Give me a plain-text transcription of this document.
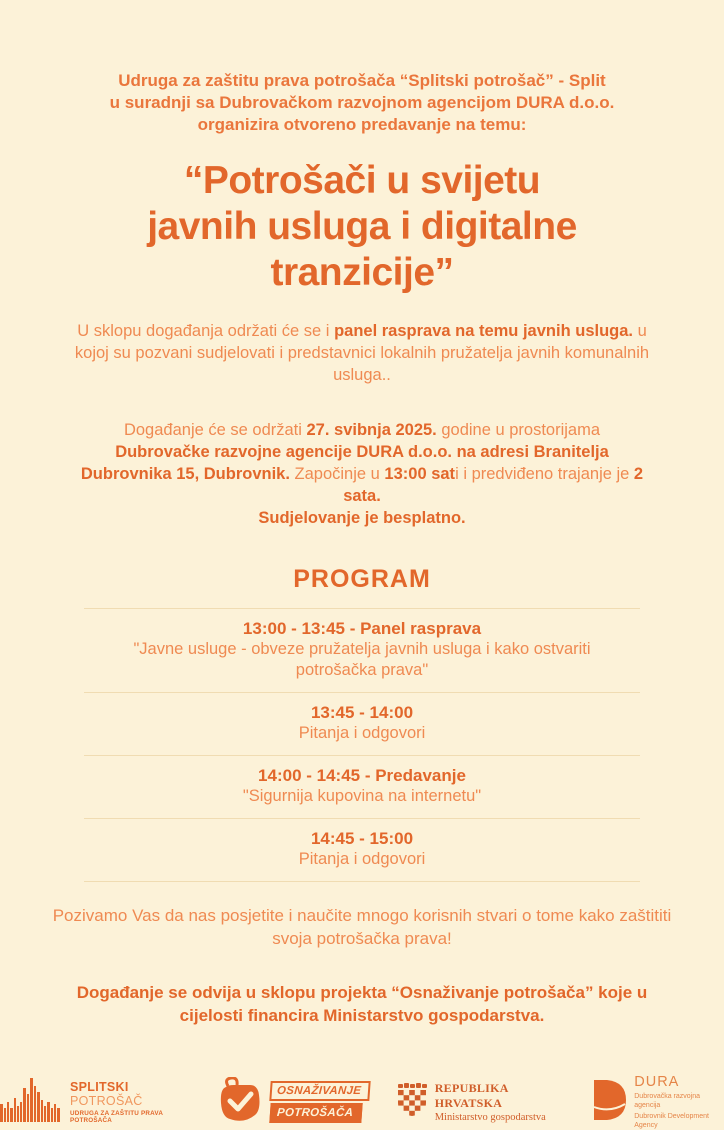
Udruga za zaštitu prava potrošača “Splitski potrošač” - Split
u suradnji sa Dubrovačkom razvojnom agencijom DURA d.o.o.
organizira otvoreno predavanje na temu:
“Potrošači u svijetu
javnih usluga i digitalne
tranzicije”

U sklopu događanja održati će se i panel rasprava na temu javnih usluga. u kojoj su pozvani sudjelovati i predstavnici lokalnih pružatelja javnih komunalnih usluga..

Događanje će se održati 27. svibnja 2025. godine u prostorijama Dubrovačke razvojne agencije DURA d.o.o. na adresi Branitelja Dubrovnika 15, Dubrovnik. Započinje u 13:00 sati i predviđeno trajanje je 2 sata.
Sudjelovanje je besplatno.

PROGRAM
13:00 - 13:45 - Panel rasprava
"Javne usluge - obveze pružatelja javnih usluga i kako ostvariti potrošačka prava"
13:45 - 14:00
Pitanja i odgovori
14:00 - 14:45 - Predavanje
"Sigurnija kupovina na internetu"
14:45 - 15:00
Pitanja i odgovori

Pozivamo Vas da nas posjetite i naučite mnogo korisnih stvari o tome kako zaštititi svoja potrošačka prava!

Događanje se odvija u sklopu projekta “Osnaživanje potrošača” koje u cijelosti financira Ministarstvo gospodarstva.

SPLITSKI POTROŠAČ
UDRUGA ZA ZAŠTITU PRAVA POTROŠAČA
OSNAŽIVANJE
POTROŠAČA
REPUBLIKA HRVATSKA
Ministarstvo gospodarstva
DURA
Dubrovačka razvojna agencija
Dubrovnik Development Agency
